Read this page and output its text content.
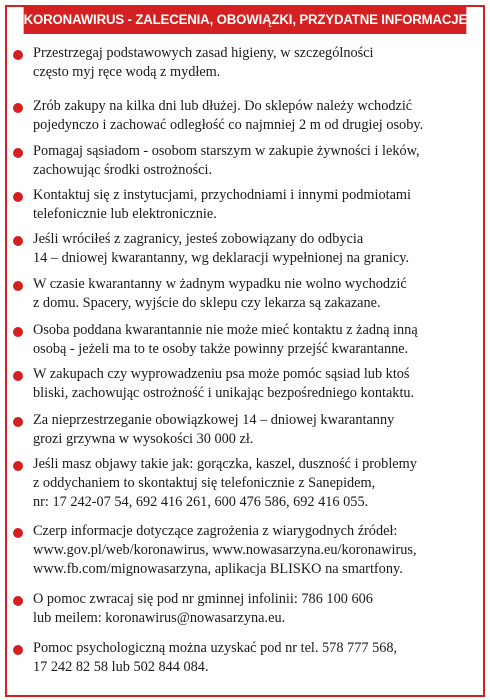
KORONAWIRUS - ZALECENIA, OBOWIĄZKI, PRZYDATNE INFORMACJE

Przestrzegaj podstawowych zasad higieny, w szczególności
często myj ręce wodą z mydłem.

Zrób zakupy na kilka dni lub dłużej. Do sklepów należy wchodzić
pojedynczo i zachować odległość co najmniej 2 m od drugiej osoby.

Pomagaj sąsiadom - osobom starszym w zakupie żywności i leków,
zachowując środki ostrożności.

Kontaktuj się z instytucjami, przychodniami i innymi podmiotami
telefonicznie lub elektronicznie.

Jeśli wróciłeś z zagranicy, jesteś zobowiązany do odbycia
14 – dniowej kwarantanny, wg deklaracji wypełnionej na granicy.

W czasie kwarantanny w żadnym wypadku nie wolno wychodzić
z domu. Spacery, wyjście do sklepu czy lekarza są zakazane.

Osoba poddana kwarantannie nie może mieć kontaktu z żadną inną
osobą - jeżeli ma to te osoby także powinny przejść kwarantanne.

W zakupach czy wyprowadzeniu psa może pomóc sąsiad lub ktoś
bliski, zachowując ostrożność i unikając bezpośredniego kontaktu.

Za nieprzestrzeganie obowiązkowej 14 – dniowej kwarantanny
grozi grzywna w wysokości 30 000 zł.

Jeśli masz objawy takie jak: gorączka, kaszel, duszność i problemy
z oddychaniem to skontaktuj się telefonicznie z Sanepidem,
nr: 17 242-07 54, 692 416 261, 600 476 586, 692 416 055.

Czerp informacje dotyczące zagrożenia z wiarygodnych źródeł:
www.gov.pl/web/koronawirus, www.nowasarzyna.eu/koronawirus,
www.fb.com/mignowasarzyna, aplikacja BLISKO na smartfony.

O pomoc zwracaj się pod nr gminnej infolinii: 786 100 606
lub meilem: koronawirus@nowasarzyna.eu.

Pomoc psychologiczną można uzyskać pod nr tel. 578 777 568,
17 242 82 58 lub 502 844 084.
